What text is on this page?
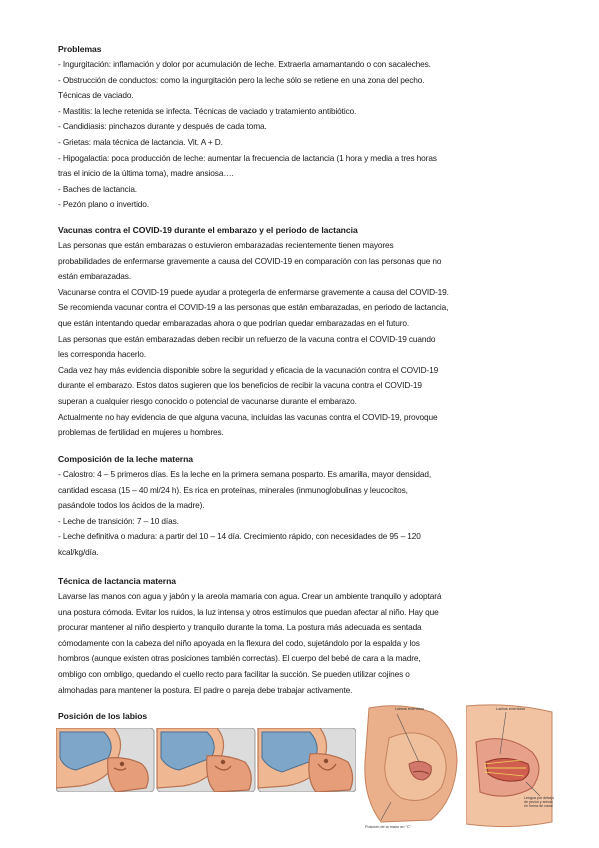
Problemas

- Ingurgitación: inflamación y dolor por acumulación de leche. Extraerla amamantando o con sacaleches.

- Obstrucción de conductos: como la ingurgitación pero la leche sólo se retiene en una zona del pecho.

Técnicas de vaciado.

- Mastitis: la leche retenida se infecta. Técnicas de vaciado y tratamiento antibiótico.

- Candidiasis: pinchazos durante y después de cada toma.

- Grietas: mala técnica de lactancia. Vit. A + D.

- Hipogalactia: poca producción de leche: aumentar la frecuencia de lactancia (1 hora y media a tres horas

tras el inicio de la última toma), madre ansiosa….

- Baches de lactancia.

- Pezón plano o invertido.

Vacunas contra el COVID-19 durante el embarazo y el periodo de lactancia

Las personas que están embarazas o estuvieron embarazadas recientemente tienen mayores

probabilidades de enfermarse gravemente a causa del COVID-19 en comparación con las personas que no

están embarazadas.

Vacunarse contra el COVID-19 puede ayudar a protegerla de enfermarse gravemente a causa del COVID-19.

Se recomienda vacunar contra el COVID-19 a las personas que están embarazadas, en periodo de lactancia,

que están intentando quedar embarazadas ahora o que podrían quedar embarazadas en el futuro.

Las personas que están embarazadas deben recibir un refuerzo de la vacuna contra el COVID-19 cuando

les corresponda hacerlo.

Cada vez hay más evidencia disponible sobre la seguridad y eficacia de la vacunación contra el COVID-19

durante el embarazo. Estos datos sugieren que los beneficios de recibir la vacuna contra el COVID-19

superan a cualquier riesgo conocido o potencial de vacunarse durante el embarazo.

Actualmente no hay evidencia de que alguna vacuna, incluidas las vacunas contra el COVID-19, provoque

problemas de fertilidad en mujeres u hombres.

Composición de la leche materna

- Calostro: 4 – 5 primeros días. Es la leche en la primera semana posparto. Es amarilla, mayor densidad,

cantidad escasa (15 – 40 ml/24 h). Es rica en proteínas, minerales (inmunoglobulinas y leucocitos,

pasándole todos los ácidos de la madre).

- Leche de transición: 7 – 10 días.

- Leche definitiva o madura: a partir del 10 – 14 día. Crecimiento rápido, con necesidades de 95 – 120

kcal/kg/día.

Técnica de lactancia materna

Lavarse las manos con agua y jabón y la areola mamaria con agua. Crear un ambiente tranquilo y adoptará

una postura cómoda. Evitar los ruidos, la luz intensa y otros estímulos que puedan afectar al niño. Hay que

procurar mantener al niño despierto y tranquilo durante la toma. La postura más adecuada es sentada

cómodamente con la cabeza del niño apoyada en la flexura del codo, sujetándolo por la espalda y los

hombros (aunque existen otras posiciones también correctas). El cuerpo del bebé de cara a la madre,

ombligo con ombligo, quedando el cuello recto para facilitar la succión. Se pueden utilizar cojines o

almohadas para mantener la postura. El padre o pareja debe trabajar activamente.

Posición de los labios

Labios evertidos
Posición de la mano en "C"
Labios evertidos
Lengua por debajo de pezón y areola en forma de canal
